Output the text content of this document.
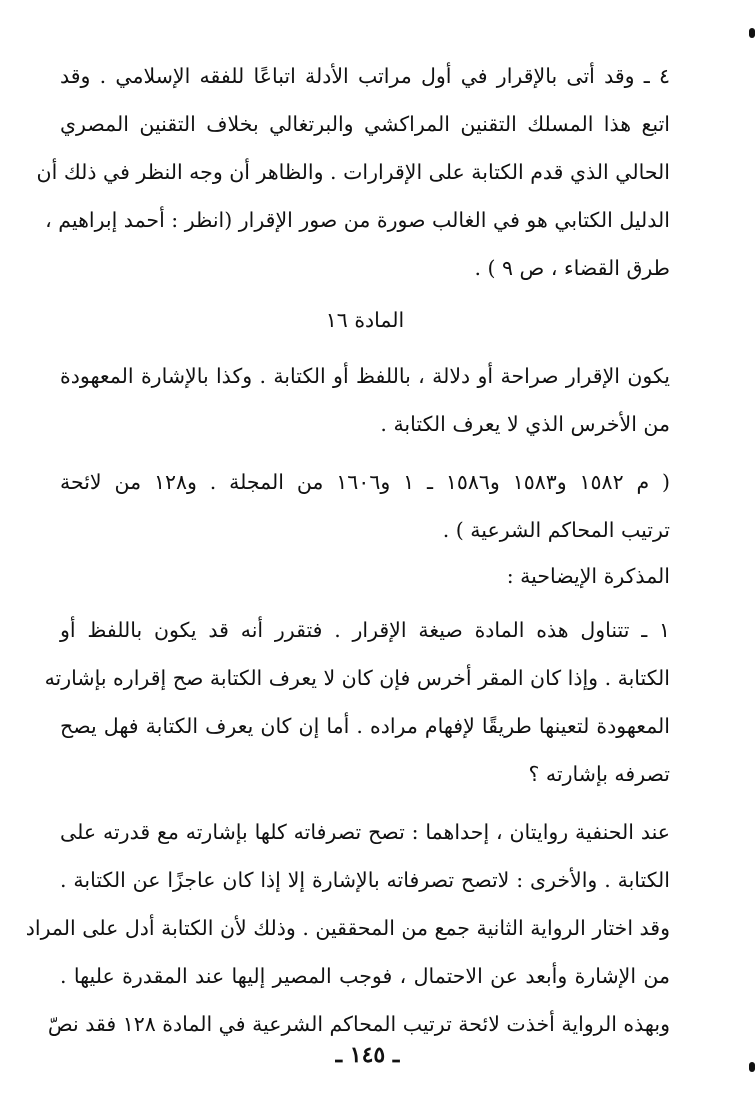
٤ ـ وقد أتى بالإقرار في أول مراتب الأدلة اتباعًا للفقه الإسلامي . وقد
اتبع هذا المسلك التقنين المراكشي والبرتغالي بخلاف التقنين المصري
الحالي الذي قدم الكتابة على الإقرارات . والظاهر أن وجه النظر في ذلك أن
الدليل الكتابي هو في الغالب صورة من صور الإقرار (انظر : أحمد إبراهيم ،
طرق القضاء ، ص ٩ ) .
المادة ١٦
يكون الإقرار صراحة أو دلالة ، باللفظ أو الكتابة . وكذا بالإشارة المعهودة
من الأخرس الذي لا يعرف الكتابة .
( م ١٥٨٢ و١٥٨٣ و١٥٨٦ ـ ١ و١٦٠٦ من المجلة . و١٢٨ من لائحة
ترتيب المحاكم الشرعية ) .
المذكرة الإيضاحية :
١ ـ تتناول هذه المادة صيغة الإقرار . فتقرر أنه قد يكون باللفظ أو
الكتابة . وإذا كان المقر أخرس فإن كان لا يعرف الكتابة صح إقراره بإشارته
المعهودة لتعينها طريقًا لإفهام مراده . أما إن كان يعرف الكتابة فهل يصح
تصرفه بإشارته ؟
عند الحنفية روايتان ، إحداهما : تصح تصرفاته كلها بإشارته مع قدرته على
الكتابة . والأخرى : لاتصح تصرفاته بالإشارة إلا إذا كان عاجزًا عن الكتابة .
وقد اختار الرواية الثانية جمع من المحققين . وذلك لأن الكتابة أدل على المراد
من الإشارة وأبعد عن الاحتمال ، فوجب المصير إليها عند المقدرة عليها .
وبهذه الرواية أخذت لائحة ترتيب المحاكم الشرعية في المادة ١٢٨ فقد نصّ
ـ ١٤٥ ـ
